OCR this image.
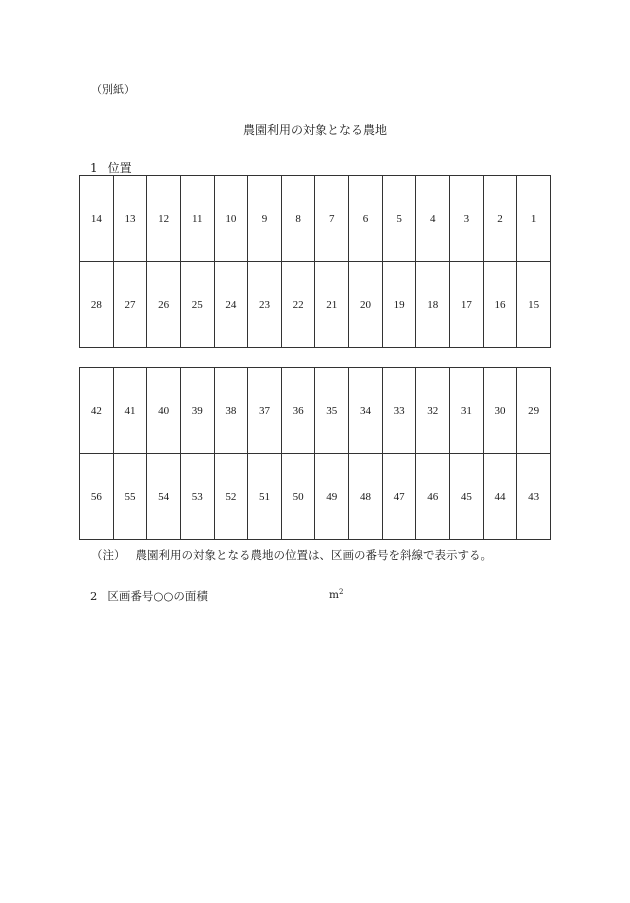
（別紙）
農園利用の対象となる農地
1 位置
14	13	12	11	10	9	8	7	6	5	4	3	2	1
28	27	26	25	24	23	22	21	20	19	18	17	16	15
42	41	40	39	38	37	36	35	34	33	32	31	30	29
56	55	54	53	52	51	50	49	48	47	46	45	44	43
（注） 農園利用の対象となる農地の位置は、区画の番号を斜線で表示する。
2 区画番号○○の面積	$m^2$
